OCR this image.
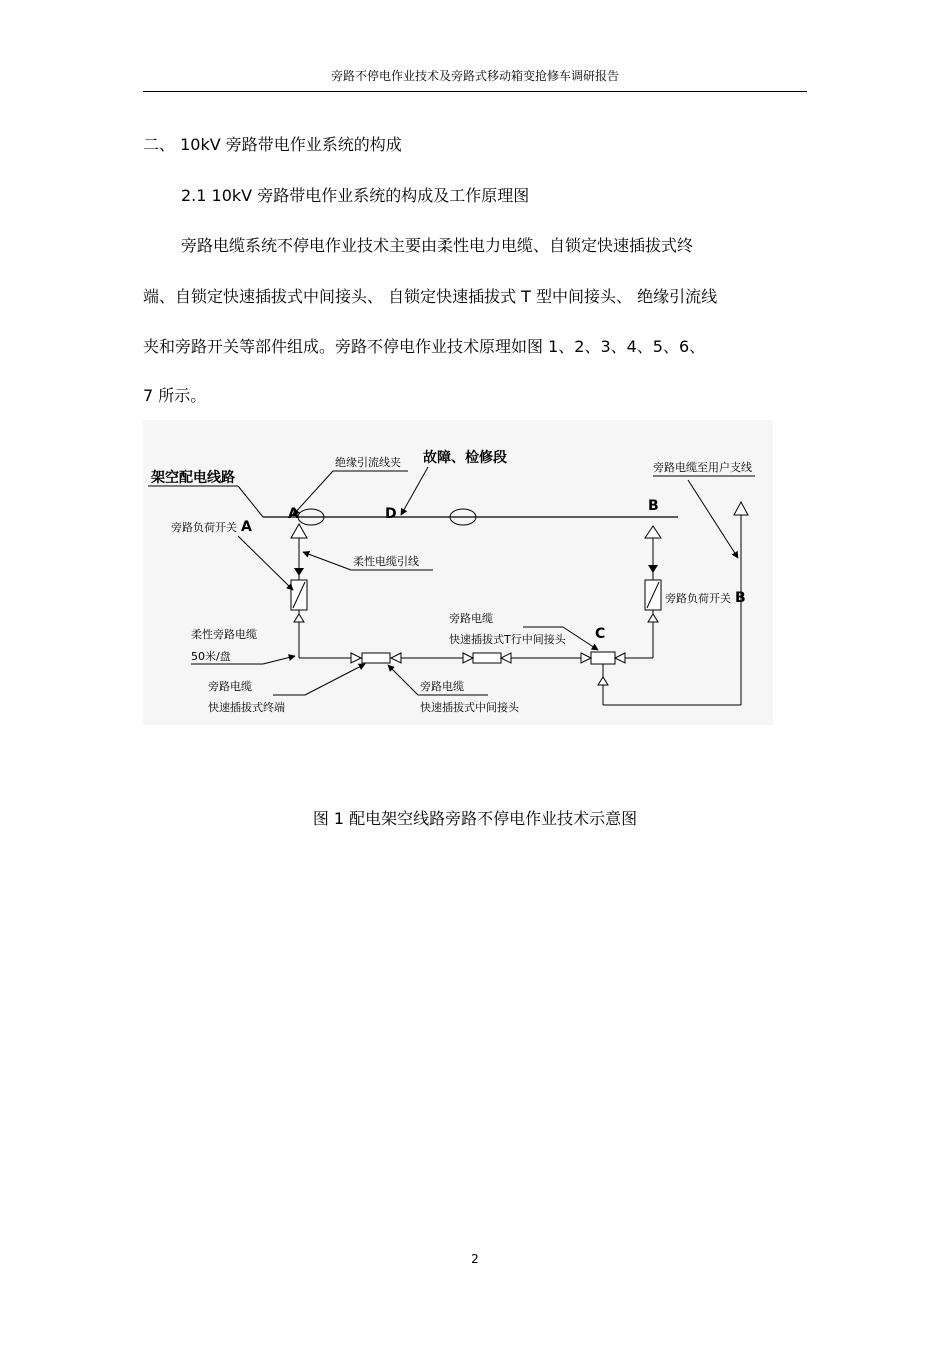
旁路不停电作业技术及旁路式移动箱变抢修车调研报告
二、 10kV 旁路带电作业系统的构成
2.1 10kV 旁路带电作业系统的构成及工作原理图
旁路电缆系统不停电作业技术主要由柔性电力电缆、自锁定快速插拔式终
端、自锁定快速插拔式中间接头、 自锁定快速插拔式 T 型中间接头、 绝缘引流线
夹和旁路开关等部件组成。旁路不停电作业技术原理如图 1、2、3、4、5、6、
7 所示。
架空配电线路
绝缘引流线夹 故障、检修段
A	D	B
旁路负荷开关 A
柔性电缆引线
旁路负荷开关 B
旁路电缆至用户支线
C
柔性旁路电缆
50米/盘
旁路电缆
快速插拔式终端
旁路电缆
快速插拔式中间接头
旁路电缆
快速插拔式T行中间接头
图 1 配电架空线路旁路不停电作业技术示意图
2
